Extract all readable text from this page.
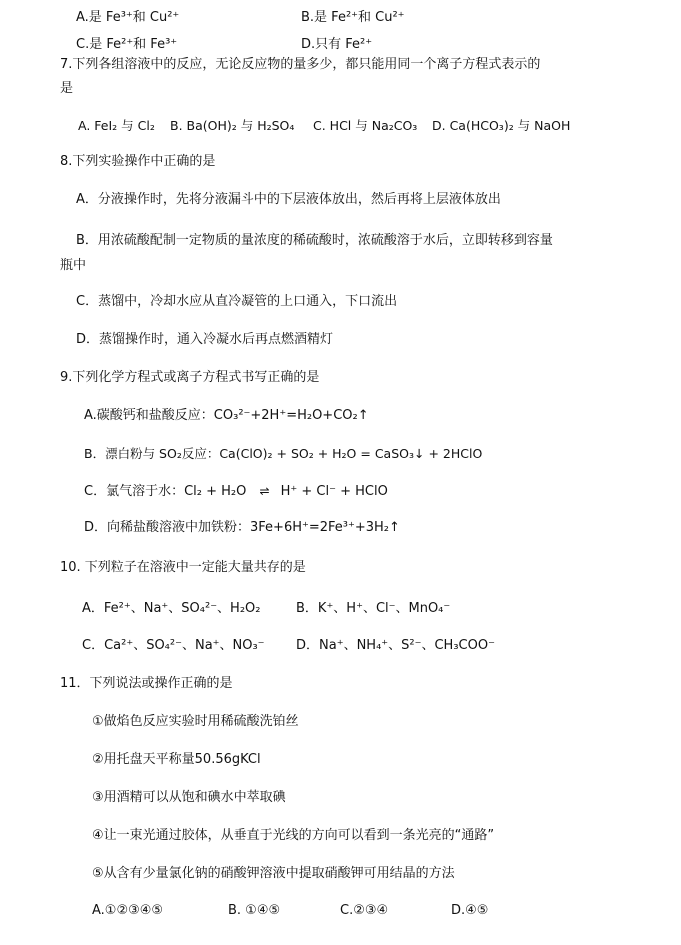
A.是 Fe³⁺和 Cu²⁺	B.是 Fe²⁺和 Cu²⁺
C.是 Fe²⁺和 Fe³⁺	D.只有 Fe²⁺
7.下列各组溶液中的反应，无论反应物的量多少，都只能用同一个离子方程式表示的
是
A. FeI₂ 与 Cl₂ B. Ba(OH)₂ 与 H₂SO₄ C. HCl 与 Na₂CO₃ D. Ca(HCO₃)₂ 与 NaOH
8.下列实验操作中正确的是
A．分液操作时，先将分液漏斗中的下层液体放出，然后再将上层液体放出
B．用浓硫酸配制一定物质的量浓度的稀硫酸时，浓硫酸溶于水后，立即转移到容量
瓶中
C．蒸馏中，冷却水应从直冷凝管的上口通入，下口流出
D．蒸馏操作时，通入冷凝水后再点燃酒精灯
9.下列化学方程式或离子方程式书写正确的是
A.碳酸钙和盐酸反应：CO₃²⁻+2H⁺=H₂O+CO₂↑
B．漂白粉与 SO₂反应：Ca(ClO)₂ + SO₂ + H₂O = CaSO₃↓ + 2HClO
C．氯气溶于水：Cl₂ + H₂O ⇌ H⁺ + Cl⁻ + HClO
D．向稀盐酸溶液中加铁粉：3Fe+6H⁺=2Fe³⁺+3H₂↑
10. 下列粒子在溶液中一定能大量共存的是
A．Fe²⁺、Na⁺、SO₄²⁻、H₂O₂	B．K⁺、H⁺、Cl⁻、MnO₄⁻
C．Ca²⁺、SO₄²⁻、Na⁺、NO₃⁻ D．Na⁺、NH₄⁺、S²⁻、CH₃COO⁻
11．下列说法或操作正确的是
①做焰色反应实验时用稀硫酸洗铂丝
②用托盘天平称量50.56gKCl
③用酒精可以从饱和碘水中萃取碘
④让一束光通过胶体，从垂直于光线的方向可以看到一条光亮的“通路”
⑤从含有少量氯化钠的硝酸钾溶液中提取硝酸钾可用结晶的方法
A.①②③④⑤	B. ①④⑤	C.②③④	D.④⑤
